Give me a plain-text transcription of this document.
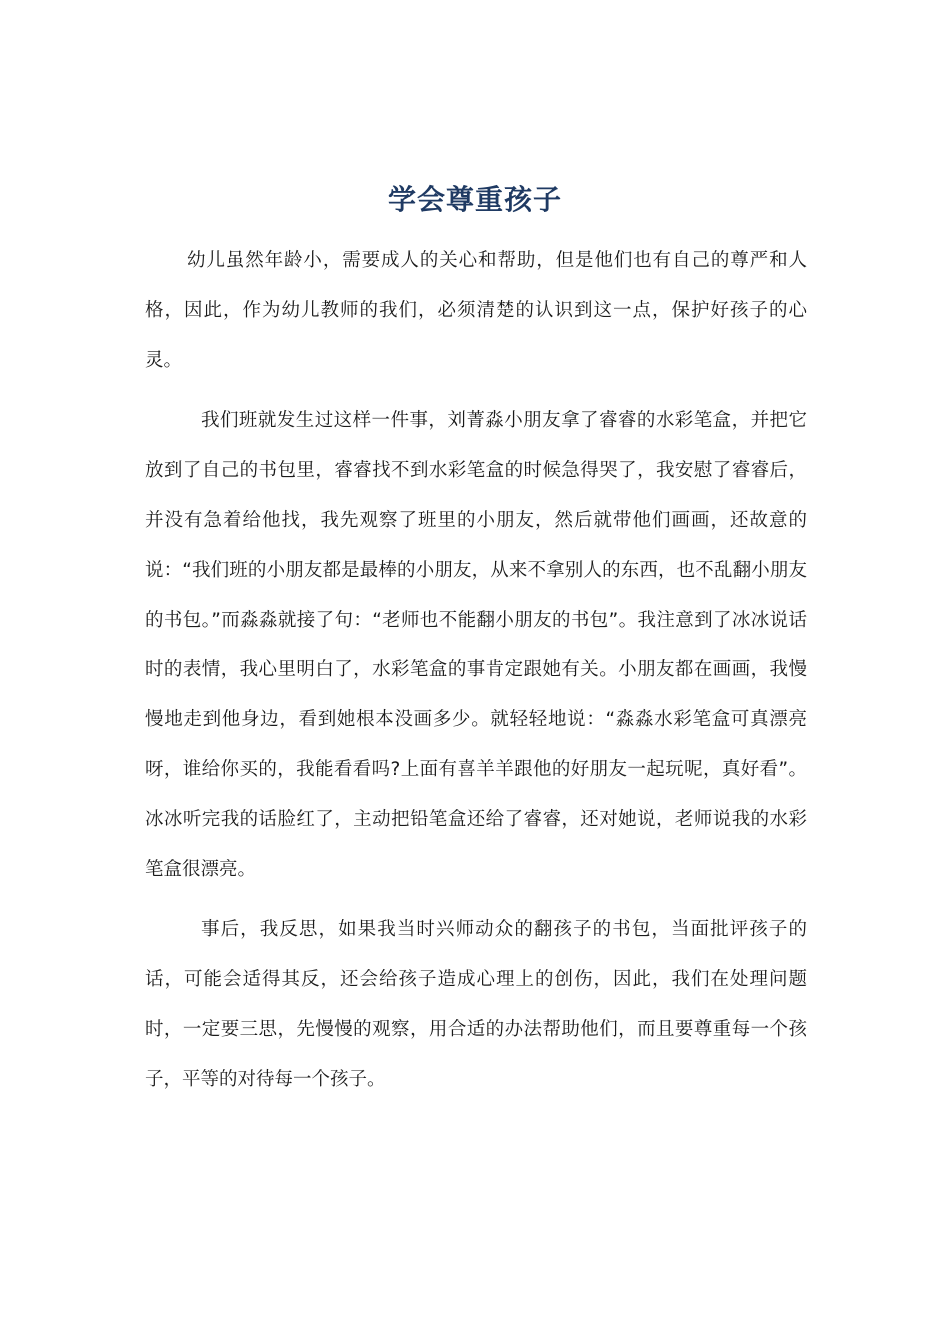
学会尊重孩子

幼儿虽然年龄小，需要成人的关心和帮助，但是他们也有自己的尊严和人格，因此，作为幼儿教师的我们，必须清楚的认识到这一点，保护好孩子的心灵。

我们班就发生过这样一件事，刘菁淼小朋友拿了睿睿的水彩笔盒，并把它放到了自己的书包里，睿睿找不到水彩笔盒的时候急得哭了，我安慰了睿睿后，并没有急着给他找，我先观察了班里的小朋友，然后就带他们画画，还故意的说：“我们班的小朋友都是最棒的小朋友，从来不拿别人的东西，也不乱翻小朋友的书包。”而淼淼就接了句：“老师也不能翻小朋友的书包”。我注意到了冰冰说话时的表情，我心里明白了，水彩笔盒的事肯定跟她有关。小朋友都在画画，我慢慢地走到他身边，看到她根本没画多少。就轻轻地说：“淼淼水彩笔盒可真漂亮呀，谁给你买的，我能看看吗?上面有喜羊羊跟他的好朋友一起玩呢，真好看”。冰冰听完我的话脸红了，主动把铅笔盒还给了睿睿，还对她说，老师说我的水彩笔盒很漂亮。

事后，我反思，如果我当时兴师动众的翻孩子的书包，当面批评孩子的话，可能会适得其反，还会给孩子造成心理上的创伤，因此，我们在处理问题时，一定要三思，先慢慢的观察，用合适的办法帮助他们，而且要尊重每一个孩子，平等的对待每一个孩子。
